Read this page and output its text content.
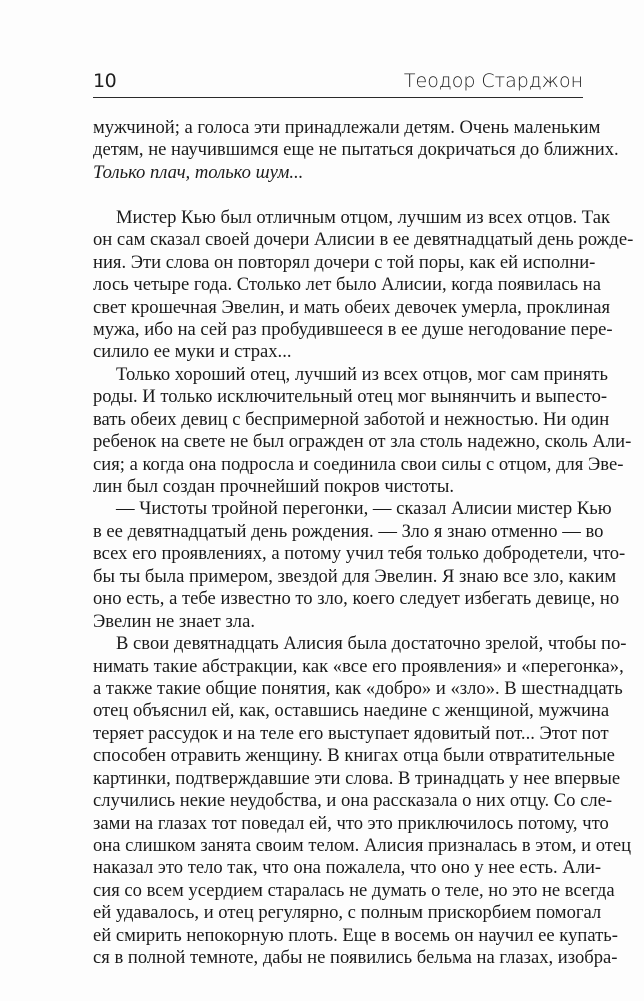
10	Теодор Старджон
мужчиной; а голоса эти принадлежали детям. Очень маленьким
детям, не научившимся еще не пытаться докричаться до ближних.
Только плач, только шум...
Мистер Кью был отличным отцом, лучшим из всех отцов. Так
он сам сказал своей дочери Алисии в ее девятнадцатый день рожде-
ния. Эти слова он повторял дочери с той поры, как ей исполни-
лось четыре года. Столько лет было Алисии, когда появилась на
свет крошечная Эвелин, и мать обеих девочек умерла, проклиная
мужа, ибо на сей раз пробудившееся в ее душе негодование пере-
силило ее муки и страх...
Только хороший отец, лучший из всех отцов, мог сам принять
роды. И только исключительный отец мог вынянчить и выпесто-
вать обеих девиц с беспримерной заботой и нежностью. Ни один
ребенок на свете не был огражден от зла столь надежно, сколь Али-
сия; а когда она подросла и соединила свои силы с отцом, для Эве-
лин был создан прочнейший покров чистоты.
— Чистоты тройной перегонки, — сказал Алисии мистер Кью
в ее девятнадцатый день рождения. — Зло я знаю отменно — во
всех его проявлениях, а потому учил тебя только добродетели, что-
бы ты была примером, звездой для Эвелин. Я знаю все зло, каким
оно есть, а тебе известно то зло, коего следует избегать девице, но
Эвелин не знает зла.
В свои девятнадцать Алисия была достаточно зрелой, чтобы по-
нимать такие абстракции, как «все его проявления» и «перегонка»,
а также такие общие понятия, как «добро» и «зло». В шестнадцать
отец объяснил ей, как, оставшись наедине с женщиной, мужчина
теряет рассудок и на теле его выступает ядовитый пот... Этот пот
способен отравить женщину. В книгах отца были отвратительные
картинки, подтверждавшие эти слова. В тринадцать у нее впервые
случились некие неудобства, и она рассказала о них отцу. Со сле-
зами на глазах тот поведал ей, что это приключилось потому, что
она слишком занята своим телом. Алисия призналась в этом, и отец
наказал это тело так, что она пожалела, что оно у нее есть. Али-
сия со всем усердием старалась не думать о теле, но это не всегда
ей удавалось, и отец регулярно, с полным прискорбием помогал
ей смирить непокорную плоть. Еще в восемь он научил ее купать-
ся в полной темноте, дабы не появились бельма на глазах, изобра-
